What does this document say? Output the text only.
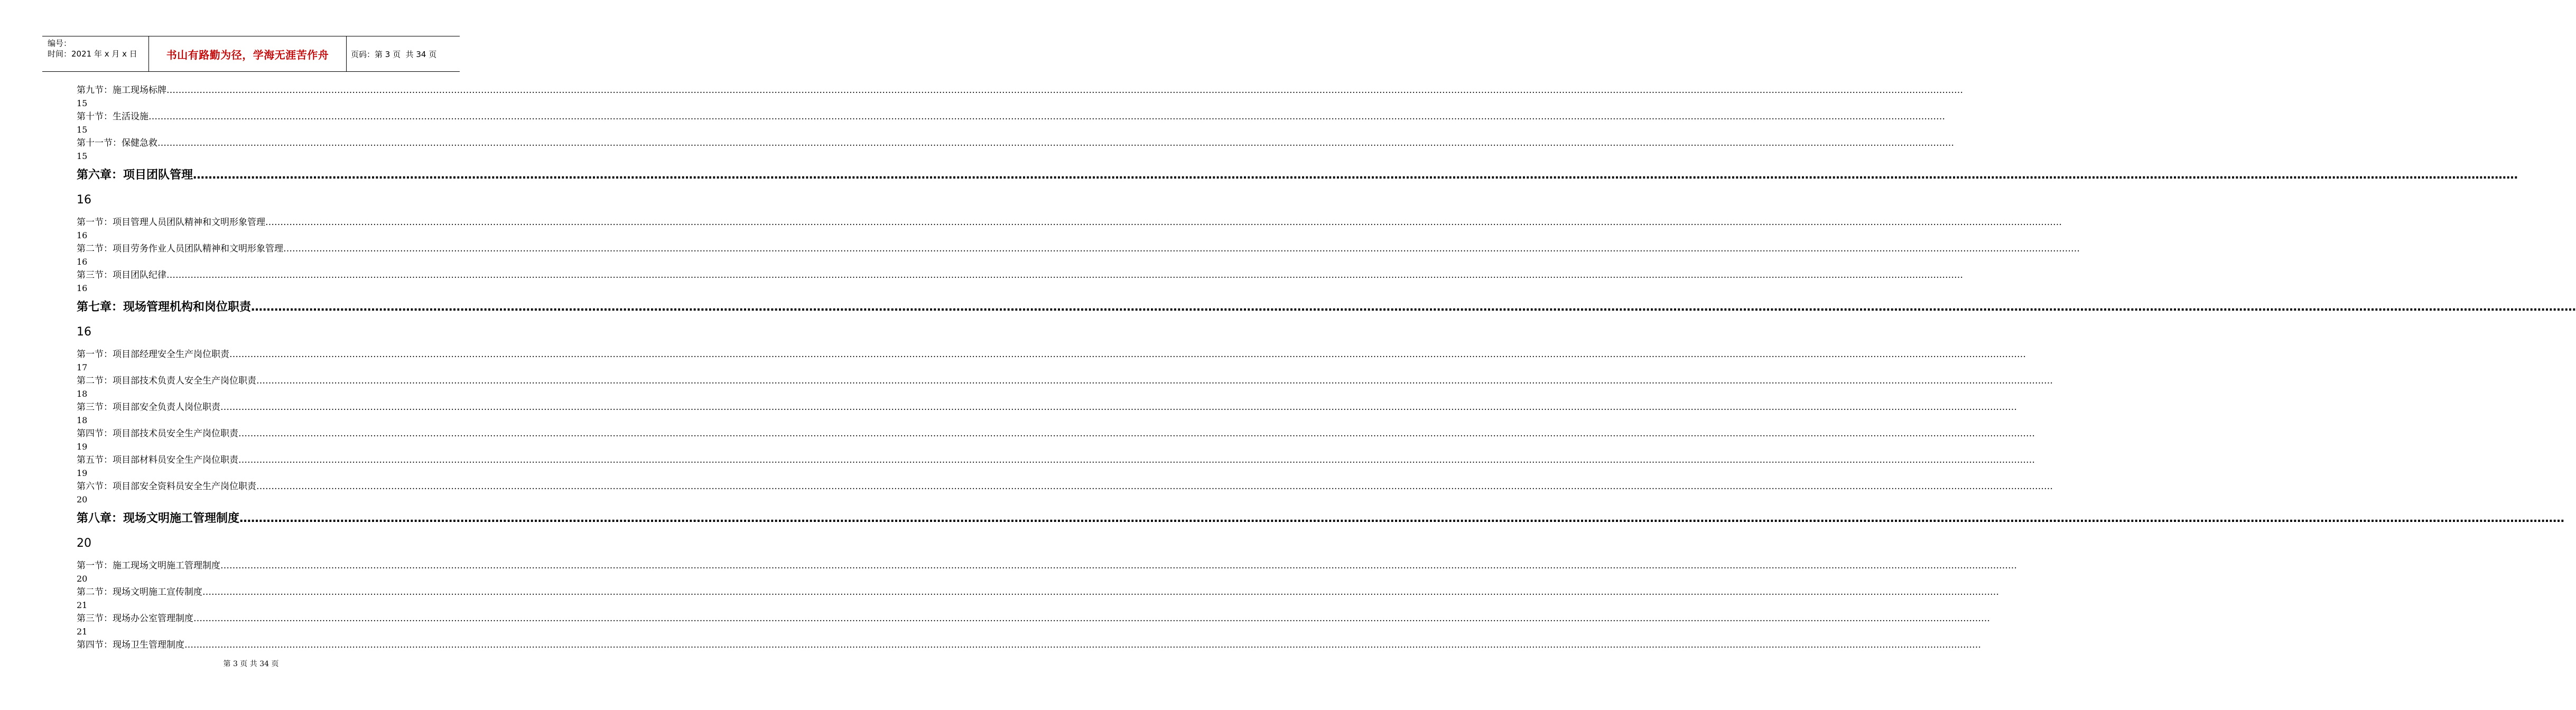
编号：
时间：2021 年 x 月 x 日	书山有路勤为径，学海无涯苦作舟	页码：第 3 页  共 34 页
第九节：施工现场标牌 ……………………………………………………………………………………………………………………………………………………………………………………………………………………………………………………………………………………………………………………………………………………………………………………………………………………………………………………………………………………………………………………………………………………
15
第十节：生活设施 ……………………………………………………………………………………………………………………………………………………………………………………………………………………………………………………………………………………………………………………………………………………………………………………………………………………………………………………………………………………………………………………………………………………
15
第十一节：保健急救 ……………………………………………………………………………………………………………………………………………………………………………………………………………………………………………………………………………………………………………………………………………………………………………………………………………………………………………………………………………………………………………………………………………………
15
第六章：项目团队管理 ……………………………………………………………………………………………………………………………………………………………………………………………………………………………………………………………………………………………………………………………………………………………………………………………………………………………………………………………………………………………………………………………………………………
16
第一节：项目管理人员团队精神和文明形象管理 ……………………………………………………………………………………………………………………………………………………………………………………………………………………………………………………………………………………………………………………………………………………………………………………………………………………………………………………………………………………………………………………………………………………
16
第二节：项目劳务作业人员团队精神和文明形象管理 ……………………………………………………………………………………………………………………………………………………………………………………………………………………………………………………………………………………………………………………………………………………………………………………………………………………………………………………………………………………………………………………………………………………
16
第三节：项目团队纪律 ……………………………………………………………………………………………………………………………………………………………………………………………………………………………………………………………………………………………………………………………………………………………………………………………………………………………………………………………………………………………………………………………………………………
16
第七章：现场管理机构和岗位职责 ……………………………………………………………………………………………………………………………………………………………………………………………………………………………………………………………………………………………………………………………………………………………………………………………………………………………………………………………………………………………………………………………………………………
16
第一节：项目部经理安全生产岗位职责 ……………………………………………………………………………………………………………………………………………………………………………………………………………………………………………………………………………………………………………………………………………………………………………………………………………………………………………………………………………………………………………………………………………………
17
第二节：项目部技术负责人安全生产岗位职责 ……………………………………………………………………………………………………………………………………………………………………………………………………………………………………………………………………………………………………………………………………………………………………………………………………………………………………………………………………………………………………………………………………………………
18
第三节：项目部安全负责人岗位职责 ……………………………………………………………………………………………………………………………………………………………………………………………………………………………………………………………………………………………………………………………………………………………………………………………………………………………………………………………………………………………………………………………………………………
18
第四节：项目部技术员安全生产岗位职责 ……………………………………………………………………………………………………………………………………………………………………………………………………………………………………………………………………………………………………………………………………………………………………………………………………………………………………………………………………………………………………………………………………………………
19
第五节：项目部材料员安全生产岗位职责 ……………………………………………………………………………………………………………………………………………………………………………………………………………………………………………………………………………………………………………………………………………………………………………………………………………………………………………………………………………………………………………………………………………………
19
第六节：项目部安全资料员安全生产岗位职责 ……………………………………………………………………………………………………………………………………………………………………………………………………………………………………………………………………………………………………………………………………………………………………………………………………………………………………………………………………………………………………………………………………………………
20
第八章：现场文明施工管理制度 ……………………………………………………………………………………………………………………………………………………………………………………………………………………………………………………………………………………………………………………………………………………………………………………………………………………………………………………………………………………………………………………………………………………
20
第一节：施工现场文明施工管理制度 ……………………………………………………………………………………………………………………………………………………………………………………………………………………………………………………………………………………………………………………………………………………………………………………………………………………………………………………………………………………………………………………………………………………
20
第二节：现场文明施工宣传制度 ……………………………………………………………………………………………………………………………………………………………………………………………………………………………………………………………………………………………………………………………………………………………………………………………………………………………………………………………………………………………………………………………………………………
21
第三节：现场办公室管理制度 ……………………………………………………………………………………………………………………………………………………………………………………………………………………………………………………………………………………………………………………………………………………………………………………………………………………………………………………………………………………………………………………………………………………
21
第四节：现场卫生管理制度 ……………………………………………………………………………………………………………………………………………………………………………………………………………………………………………………………………………………………………………………………………………………………………………………………………………………………………………………………………………………………………………………………………………………
第 3 页 共 34 页
